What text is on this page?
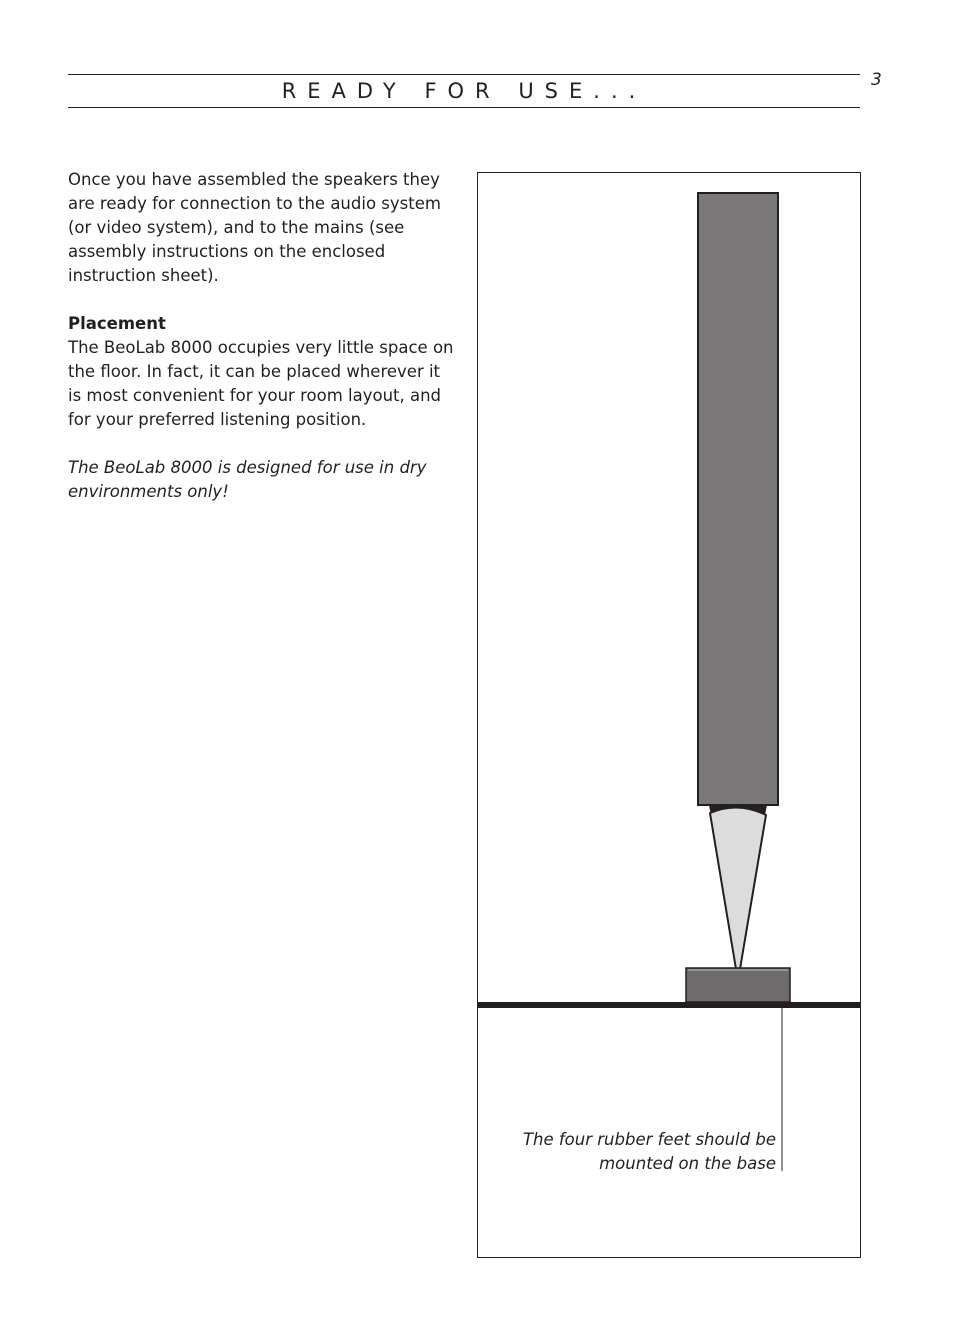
READY FOR USE...	3

Once you have assembled the speakers they are ready for connection to the audio system (or video system), and to the mains (see assembly instructions on the enclosed instruction sheet).

Placement
The BeoLab 8000 occupies very little space on the floor. In fact, it can be placed wherever it is most convenient for your room layout, and for your preferred listening position.

The BeoLab 8000 is designed for use in dry environments only!

The four rubber feet should be mounted on the base
